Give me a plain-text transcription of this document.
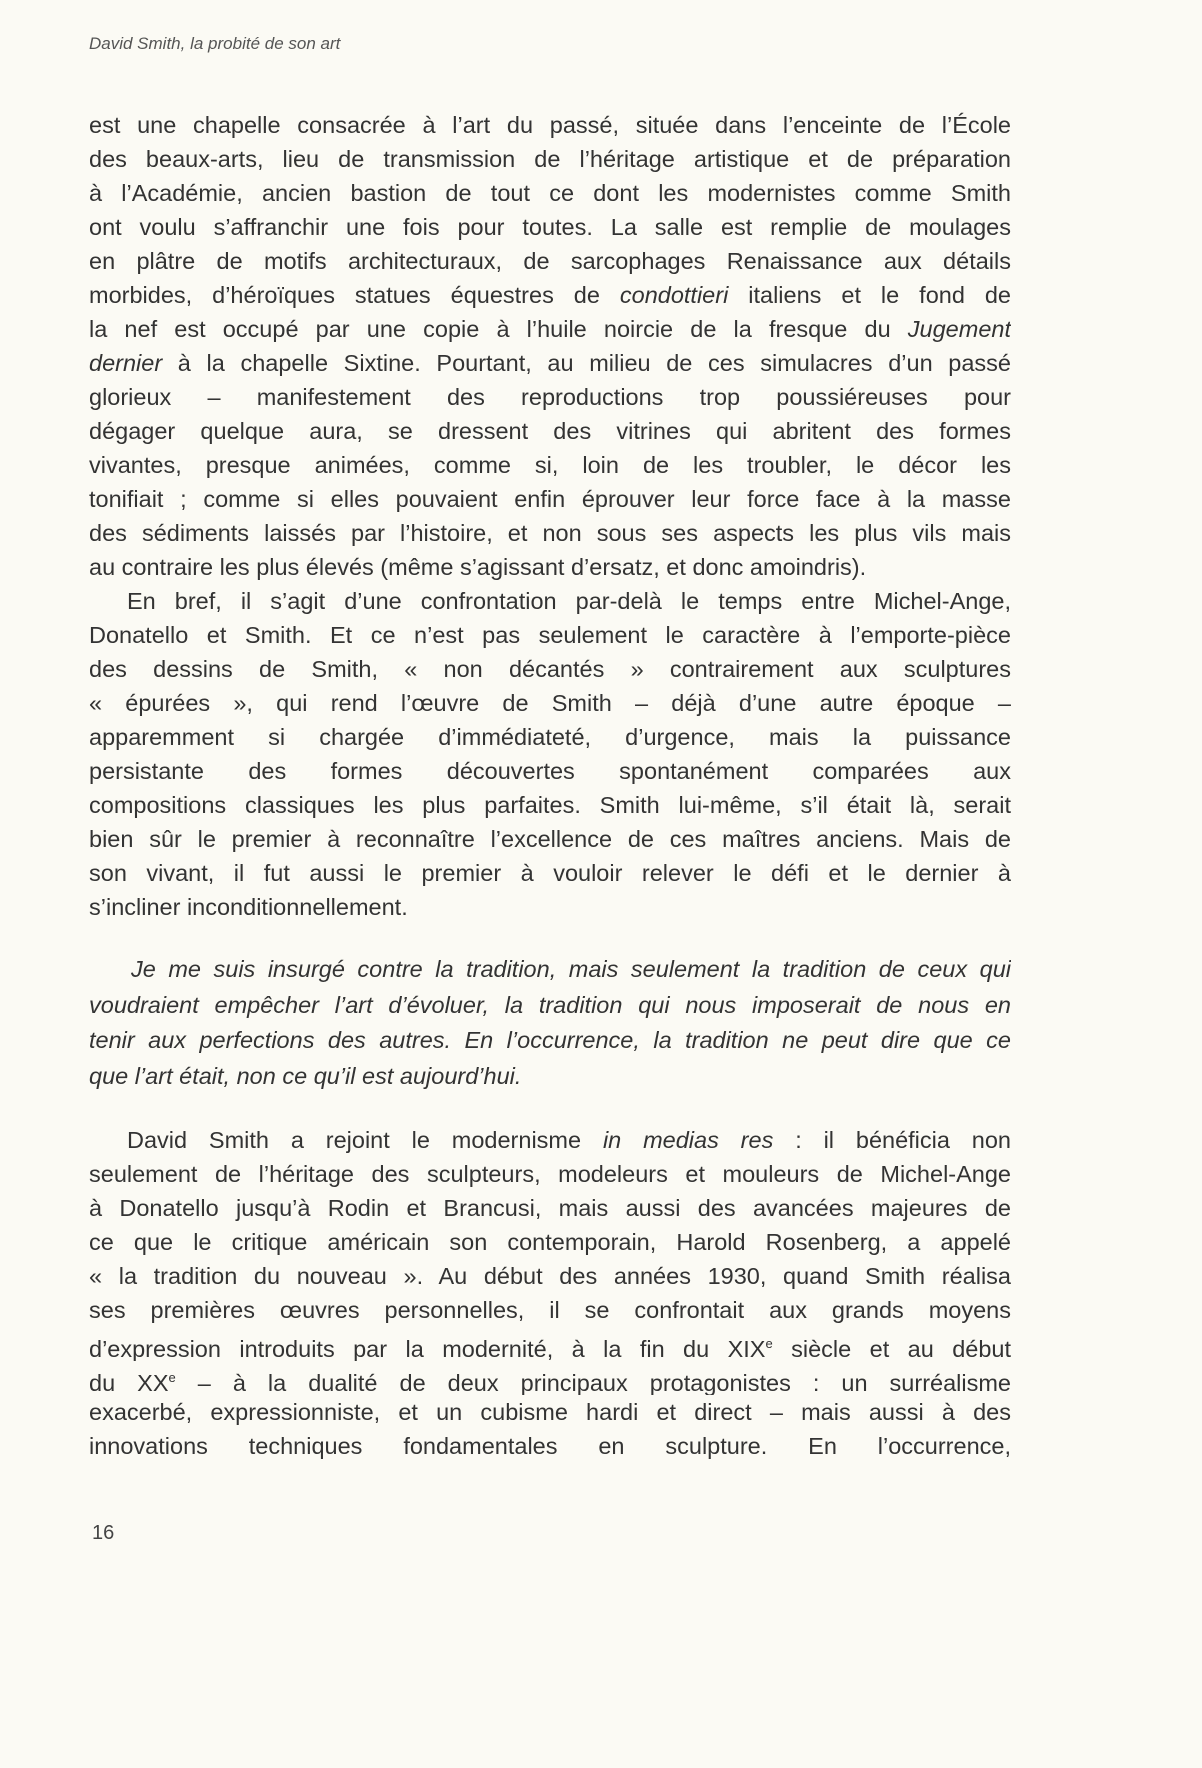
David Smith, la probité de son art
est une chapelle consacrée à l’art du passé, située dans l’enceinte de l’École
des beaux-arts, lieu de transmission de l’héritage artistique et de préparation
à l’Académie, ancien bastion de tout ce dont les modernistes comme Smith
ont voulu s’affranchir une fois pour toutes. La salle est remplie de moulages
en plâtre de motifs architecturaux, de sarcophages Renaissance aux détails
morbides, d’héroïques statues équestres de condottieri italiens et le fond de
la nef est occupé par une copie à l’huile noircie de la fresque du Jugement
dernier à la chapelle Sixtine. Pourtant, au milieu de ces simulacres d’un passé
glorieux – manifestement des reproductions trop poussiéreuses pour
dégager quelque aura, se dressent des vitrines qui abritent des formes
vivantes, presque animées, comme si, loin de les troubler, le décor les
tonifiait ; comme si elles pouvaient enfin éprouver leur force face à la masse
des sédiments laissés par l’histoire, et non sous ses aspects les plus vils mais
au contraire les plus élevés (même s’agissant d’ersatz, et donc amoindris).
En bref, il s’agit d’une confrontation par-delà le temps entre Michel-Ange,
Donatello et Smith. Et ce n’est pas seulement le caractère à l’emporte-pièce
des dessins de Smith, « non décantés » contrairement aux sculptures
« épurées », qui rend l’œuvre de Smith – déjà d’une autre époque –
apparemment si chargée d’immédiateté, d’urgence, mais la puissance
persistante des formes découvertes spontanément comparées aux
compositions classiques les plus parfaites. Smith lui-même, s’il était là, serait
bien sûr le premier à reconnaître l’excellence de ces maîtres anciens. Mais de
son vivant, il fut aussi le premier à vouloir relever le défi et le dernier à
s’incliner inconditionnellement.
Je me suis insurgé contre la tradition, mais seulement la tradition de ceux qui
voudraient empêcher l’art d’évoluer, la tradition qui nous imposerait de nous en
tenir aux perfections des autres. En l’occurrence, la tradition ne peut dire que ce
que l’art était, non ce qu’il est aujourd’hui.
David Smith a rejoint le modernisme in medias res : il bénéficia non
seulement de l’héritage des sculpteurs, modeleurs et mouleurs de Michel-Ange
à Donatello jusqu’à Rodin et Brancusi, mais aussi des avancées majeures de
ce que le critique américain son contemporain, Harold Rosenberg, a appelé
« la tradition du nouveau ». Au début des années 1930, quand Smith réalisa
ses premières œuvres personnelles, il se confrontait aux grands moyens
d’expression introduits par la modernité, à la fin du XIXe siècle et au début
du XXe – à la dualité de deux principaux protagonistes : un surréalisme
exacerbé, expressionniste, et un cubisme hardi et direct – mais aussi à des
innovations techniques fondamentales en sculpture. En l’occurrence,
16
